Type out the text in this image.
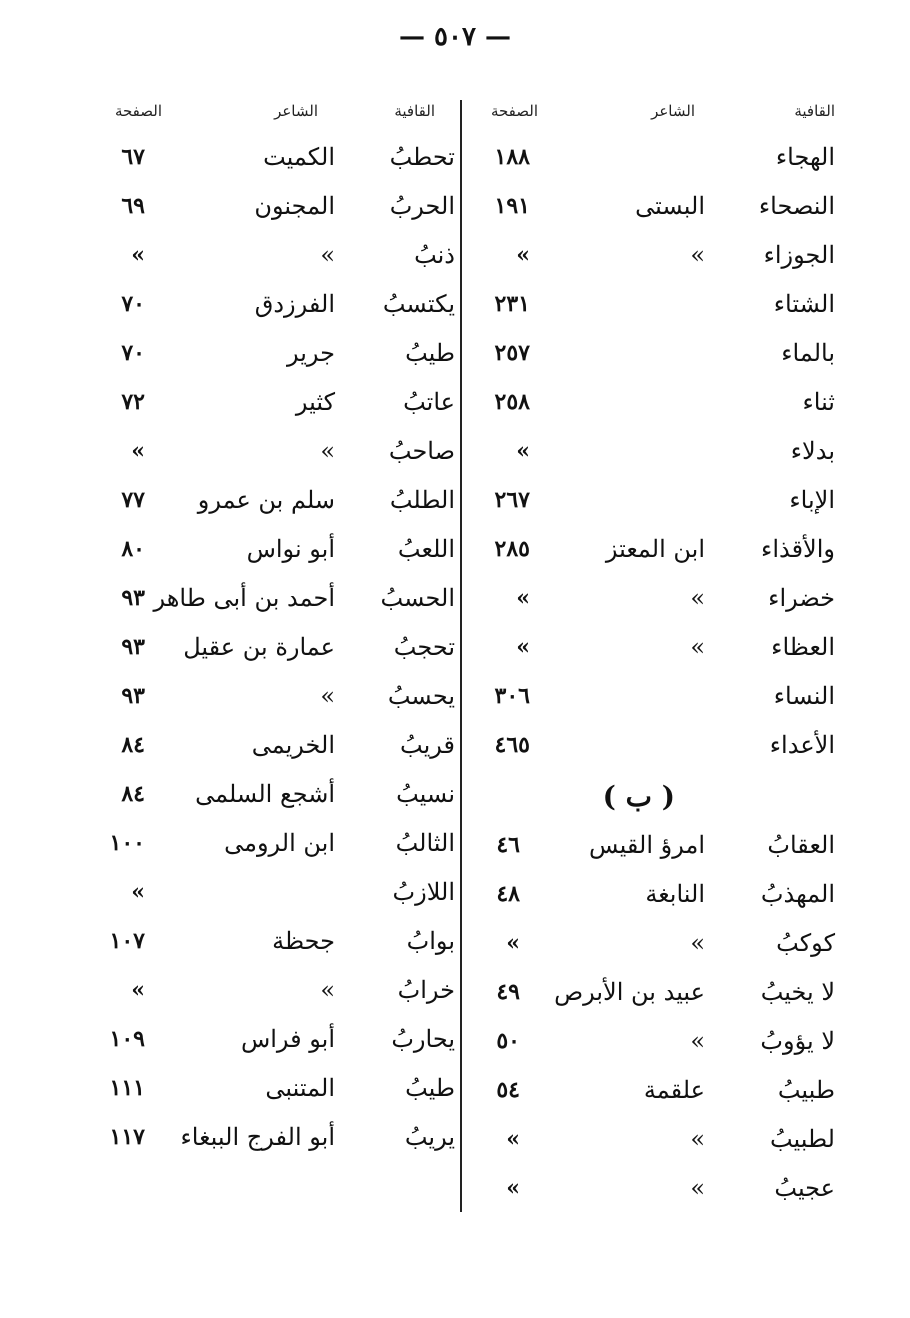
— ٥٠٧ —
القافية
الشاعر
الصفحة
الهجاء
١٨٨
النصحاء
البستى
١٩١
الجوزاء
»
»
الشتاء
٢٣١
بالماء
٢٥٧
ثناء
٢٥٨
بدلاء
»
الإباء
٢٦٧
والأقذاء
ابن المعتز
٢٨٥
خضراء
»
»
العظاء
»
»
النساء
٣٠٦
الأعداء
٤٦٥
( ب )
العقابُ
امرؤ القيس
٤٦
المهذبُ
النابغة
٤٨
كوكبُ
»
»
لا يخيبُ
عبيد بن الأبرص
٤٩
لا يؤوبُ
»
٥٠
طبيبُ
علقمة
٥٤
لطبيبُ
»
»
عجيبُ
»
»
القافية
الشاعر
الصفحة
تحطبُ
الكميت
٦٧
الحربُ
المجنون
٦٩
ذنبُ
»
»
يكتسبُ
الفرزدق
٧٠
طيبُ
جرير
٧٠
عاتبُ
كثير
٧٢
صاحبُ
»
»
الطلبُ
سلم بن عمرو
٧٧
اللعبُ
أبو نواس
٨٠
الحسبُ
أحمد بن أبى طاهر
٩٣
تحجبُ
عمارة بن عقيل
٩٣
يحسبُ
»
٩٣
قريبُ
الخريمى
٨٤
نسيبُ
أشجع السلمى
٨٤
الثالبُ
ابن الرومى
١٠٠
اللازبُ
»
بوابُ
جحظة
١٠٧
خرابُ
»
»
يحاربُ
أبو فراس
١٠٩
طيبُ
المتنبى
١١١
يريبُ
أبو الفرج الببغاء
١١٧
